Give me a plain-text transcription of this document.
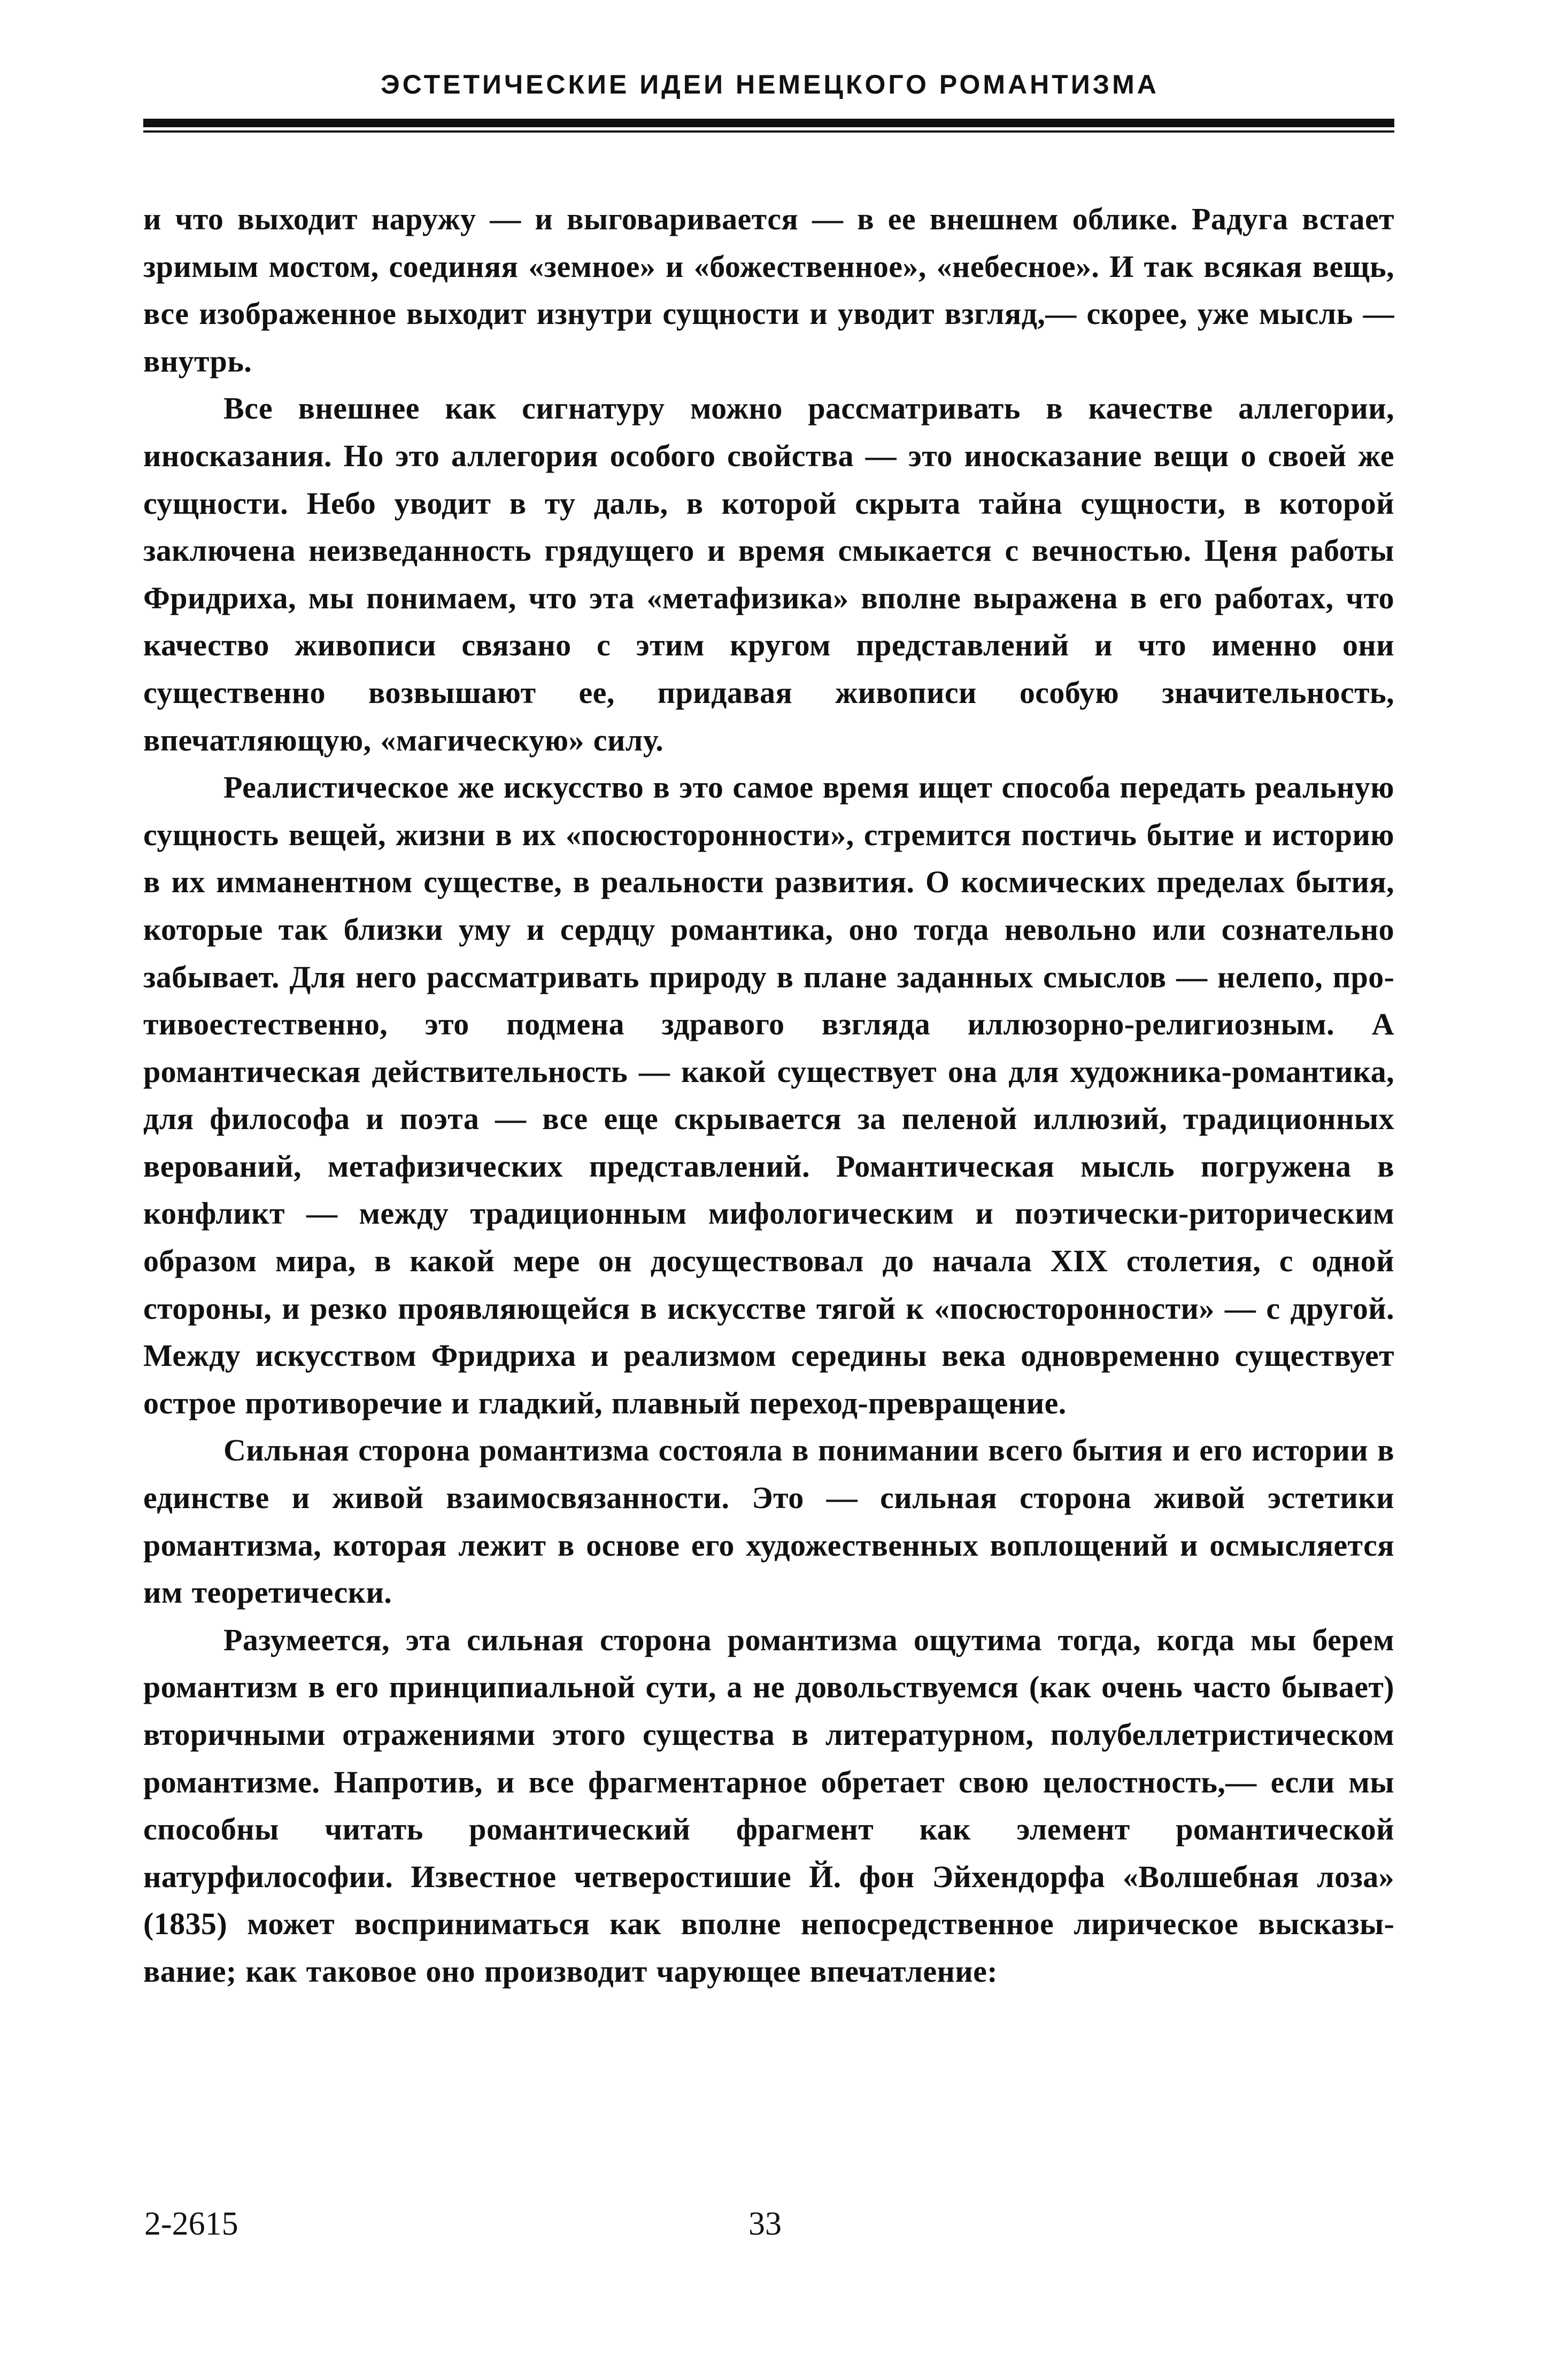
ЭСТЕТИЧЕСКИЕ ИДЕИ НЕМЕЦКОГО РОМАНТИЗМА

и что выходит наружу — и выговаривается — в ее внешнем облике. Радуга встает зримым мостом, соединяя «земное» и «божественное», «небесное». И так всякая вещь, все изображенное выходит изнутри сущности и уводит взгляд,— скорее, уже мысль — внутрь.

Все внешнее как сигнатуру можно рассматривать в качестве аллегории, иносказания. Но это аллегория особого свойства — это иносказание вещи о своей же сущности. Небо уводит в ту даль, в которой скрыта тайна сущности, в которой заключена неизведанность грядущего и время смыкается с вечностью. Ценя работы Фридриха, мы понимаем, что эта «метафизика» вполне выражена в его работах, что качество живописи связано с этим кругом представлений и что именно они существенно возвышают ее, придавая живописи особую значительность, впечатляющую, «магическую» силу.

Реалистическое же искусство в это самое время ищет способа передать реальную сущность вещей, жизни в их «посюсторонности», стремится постичь бытие и историю в их имманентном существе, в реальности развития. О космических пределах бытия, которые так близки уму и сердцу романтика, оно тогда невольно или сознательно забывает. Для него рассматривать природу в плане заданных смыслов — нелепо, противоестественно, это подмена здравого взгляда иллюзорно-религиозным. А романтическая действительность — какой существует она для художника-романтика, для философа и поэта — все еще скрывается за пеленой иллюзий, традиционных верований, метафизических представлений. Романтическая мысль погружена в конфликт — между традиционным мифологическим и поэтически-риторическим образом мира, в какой мере он досуществовал до начала XIX столетия, с одной стороны, и резко проявляющейся в искусстве тягой к «посюсторонности» — с другой. Между искусством Фридриха и реализмом середины века одновременно существует острое противоречие и гладкий, плавный переход-превращение.

Сильная сторона романтизма состояла в понимании всего бытия и его истории в единстве и живой взаимосвязанности. Это — сильная сторона живой эстетики романтизма, которая лежит в основе его художественных воплощений и осмысляется им теоретически.

Разумеется, эта сильная сторона романтизма ощутима тогда, когда мы берем романтизм в его принципиальной сути, а не довольствуемся (как очень часто бывает) вторичными отражениями этого существа в литературном, полубеллетристическом романтизме. Напротив, и все фрагментарное обретает свою целостность,— если мы способны читать романтический фрагмент как элемент романтической натурфилософии. Известное четверостишие Й. фон Эйхендорфа «Волшебная лоза» (1835) может восприниматься как вполне непосредственное лирическое высказывание; как таковое оно производит чарующее впечатление:

2-2615	33
